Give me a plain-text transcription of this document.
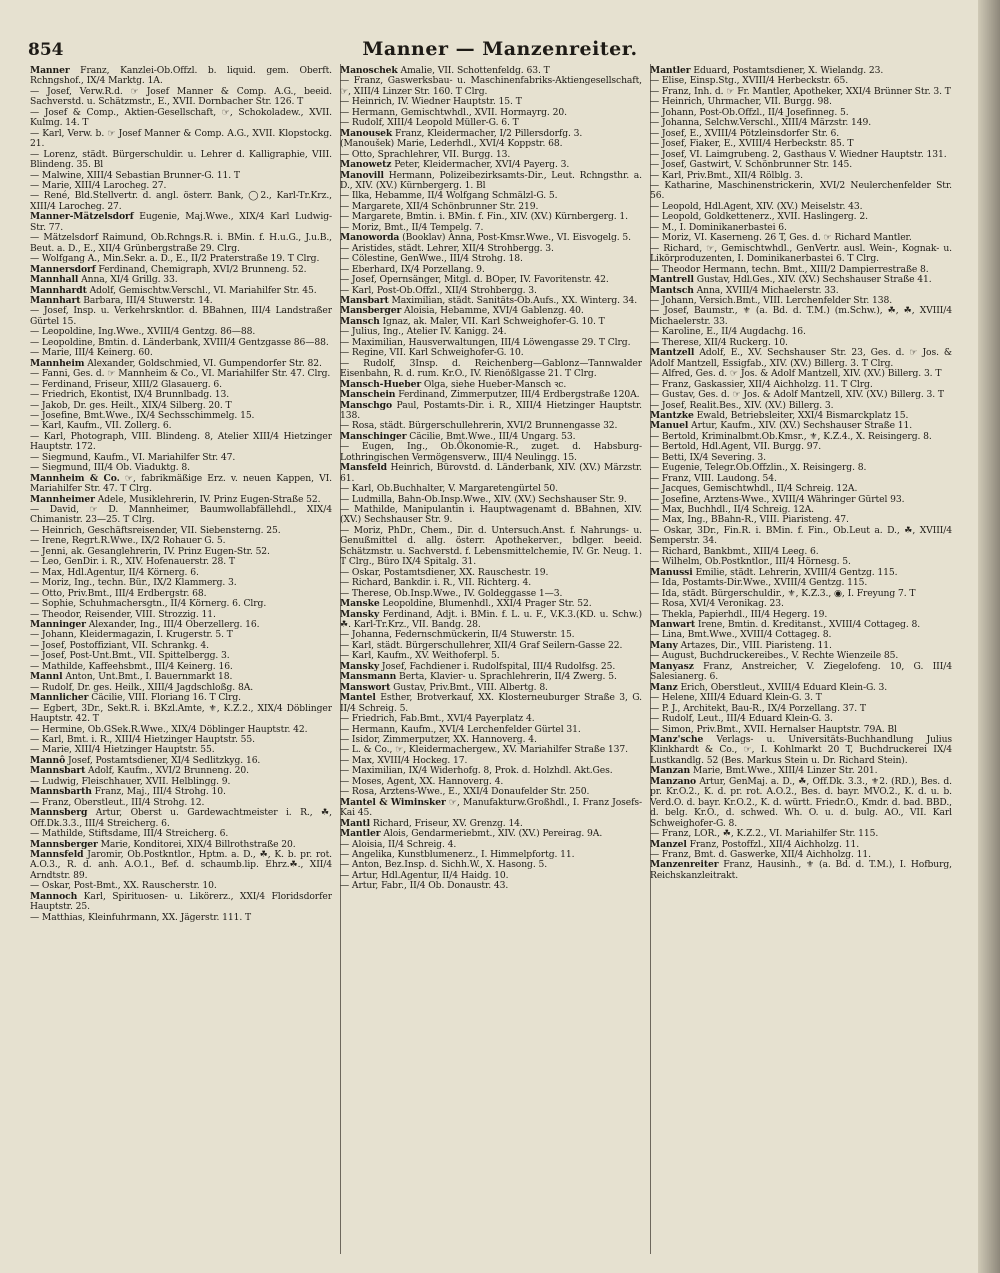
854	Manner — Manzenreiter.

Manner Franz, Kanzlei-Ob.Offzl. b. liquid. gem. Oberft. Rchngshof., IX/4 Marktg. 1A.

— Josef, Verw.R.d. ☞ Josef Manner & Comp. A.G., beeid. Sachverstd. u. Schätzmstr., E., XVII. Dornbacher Str. 126. T

— Josef & Comp., Aktien-Gesellschaft, ☞, Schokoladew., XVII. Kulmg. 14. T

— Karl, Verw. b. ☞ Josef Manner & Comp. A.G., XVII. Klopstockg. 21.

— Lorenz, städt. Bürgerschuldir. u. Lehrer d. Kalligraphie, VIII. Blindeng. 35. Bl

— Malwine, XIII/4 Sebastian Brunner-G. 11. T

— Marie, XIII/4 Larocheg. 27.

— René, Bld.Stellvertr. d. angl. österr. Bank, ◯2., Karl-Tr.Krz., XIII/4 Larocheg. 27.

Manner-Mätzelsdorf Eugenie, Maj.Wwe., XIX/4 Karl Ludwig-Str. 77.

— Mätzelsdorf Raimund, Ob.Rchngs.R. i. BMin. f. H.u.G., J.u.B., Beut. a. D., E., XII/4 Grünbergstraße 29. Clrg.

— Wolfgang A., Min.Sekr. a. D., E., II/2 Praterstraße 19. T Clrg.

Mannersdorf Ferdinand, Chemigraph, XVI/2 Brunneng. 52.

Mannhall Anna, XI/4 Grillg. 33.

Mannhardt Adolf, Gemischtw.Verschl., VI. Mariahilfer Str. 45.

Mannhart Barbara, III/4 Stuwerstr. 14.

— Josef, Insp. u. Verkehrskntlor. d. BBahnen, III/4 Landstraßer Gürtel 15.

— Leopoldine, Ing.Wwe., XVIII/4 Gentzg. 86—88.

— Leopoldine, Bmtin. d. Länderbank, XVIII/4 Gentzgasse 86—88.

— Marie, III/4 Keinerg. 60.

Mannheim Alexander, Goldschmied, VI. Gumpendorfer Str. 82.

— Fanni, Ges. d. ☞ Mannheim & Co., VI. Mariahilfer Str. 47. Clrg.

— Ferdinand, Friseur, XIII/2 Glasauerg. 6.

— Friedrich, Ekontist, IX/4 Brunnlbadg. 13.

— Jakob, Dr. ges. Heilt., XIX/4 Silberg. 20. T

— Josefine, Bmt.Wwe., IX/4 Sechsschimmelg. 15.

— Karl, Kaufm., VII. Zollerg. 6.

— Karl, Photograph, VIII. Blindeng. 8, Atelier XIII/4 Hietzinger Hauptstr. 172.

— Siegmund, Kaufm., VI. Mariahilfer Str. 47.

— Siegmund, III/4 Ob. Viaduktg. 8.

Mannheim & Co. ☞, fabrikmäßige Erz. v. neuen Kappen, VI. Mariahilfer Str. 47. T Clrg.

Mannheimer Adele, Musiklehrerin, IV. Prinz Eugen-Straße 52.

— David, ☞ D. Mannheimer, Baumwollabfällehdl., XIX/4 Chimanistr. 23—25. T Clrg.

— Heinrich, Geschäftsreisender, VII. Siebensterng. 25.

— Irene, Regrt.R.Wwe., IX/2 Rohauer G. 5.

— Jenni, ak. Gesanglehrerin, IV. Prinz Eugen-Str. 52.

— Leo, GenDir. i. R., XIV. Hofenauerstr. 28. T

— Max, Hdl.Agentur, II/4 Körnerg. 6.

— Moriz, Ing., techn. Bür., IX/2 Klammerg. 3.

— Otto, Priv.Bmt., III/4 Erdbergstr. 68.

— Sophie, Schuhmachersgtn., II/4 Körnerg. 6. Clrg.

— Theodor, Reisender, VIII. Strozzig. 11.

Manninger Alexander, Ing., III/4 Oberzellerg. 16.

— Johann, Kleidermagazin, I. Krugerstr. 5. T

— Josef, Postoffiziant, VII. Schrankg. 4.

— Josef, Post-Unt.Bmt., VII. Spittelbergg. 3.

— Mathilde, Kaffeehsbmt., III/4 Keinerg. 16.

Mannl Anton, Unt.Bmt., I. Bauernmarkt 18.

— Rudolf, Dr. ges. Heilk., XIII/4 Jagdschloßg. 8A.

Mannlicher Cäcilie, VIII. Floriang 16. T Clrg.

— Egbert, 3Dr., Sekt.R. i. BKzl.Amte, ⚜, K.Z.2., XIX/4 Döblinger Hauptstr. 42. T

— Hermine, Ob.GSek.R.Wwe., XIX/4 Döblinger Hauptstr. 42.

— Karl, Bmt. i. R., XIII/4 Hietzinger Hauptstr. 55.

— Marie, XIII/4 Hietzinger Hauptstr. 55.

Mannô Josef, Postamtsdiener, XI/4 Sedlitzkyg. 16.

Mannsbart Adolf, Kaufm., XVI/2 Brunneng. 20.

— Ludwig, Fleischhauer, XVII. Helblingg. 9.

Mannsbarth Franz, Maj., III/4 Strohg. 10.

— Franz, Oberstleut., III/4 Strohg. 12.

Mannsberg Artur, Oberst u. Gardewachtmeister i. R., ☘, Off.Dk.3.3., III/4 Streicherg. 6.

— Mathilde, Stiftsdame, III/4 Streicherg. 6.

Mannsberger Marie, Konditorei, XIX/4 Billrothstraße 20.

Mannsfeld Jaromir, Ob.Postkntlor., Hptm. a. D., ☘, K. b. pr. rot. A.O.3., R. d. anh. A.O.1., Bef. d. schaumb.lip. Ehrz.☘., XII/4 Arndtstr. 89.

— Oskar, Post-Bmt., XX. Rauscherstr. 10.

Mannoch Karl, Spirituosen- u. Likörerz., XXI/4 Floridsdorfer Hauptstr. 25.

— Matthias, Kleinfuhrmann, XX. Jägerstr. 111. T

Manoschek Amalie, VII. Schottenfeldg. 63. T

— Franz, Gaswerksbau- u. Maschinenfabriks-Aktiengesellschaft, ☞, XIII/4 Linzer Str. 160. T Clrg.

— Heinrich, IV. Wiedner Hauptstr. 15. T

— Hermann, Gemischtwhdl., XVII. Hormayrg. 20.

— Rudolf, XIII/4 Leopold Müller-G. 6. T

Manousek Franz, Kleidermacher, I/2 Pillersdorfg. 3.

(Manoušek) Marie, Lederhdl., XVI/4 Koppstr. 68.

— Otto, Sprachlehrer, VII. Burgg. 13.

Manowetz Peter, Kleidermacher, XVI/4 Payerg. 3.

Manovill Hermann, Polizeibezirksamts-Dir., Leut. Rchngsthr. a. D., XIV. (XV.) Kürnbergerg. 1. Bl

— Ilka, Hebamme, II/4 Wolfgang Schmälzl-G. 5.

— Margarete, XII/4 Schönbrunner Str. 219.

— Margarete, Bmtin. i. BMin. f. Fin., XIV. (XV.) Kürnbergerg. 1.

— Moriz, Bmt., II/4 Tempelg. 7.

Manoworda (Booklav) Anna, Post-Kmsr.Wwe., VI. Eisvogelg. 5.

— Aristides, städt. Lehrer, XII/4 Strohbergg. 3.

— Cölestine, GenWwe., III/4 Strohg. 18.

— Eberhard, IX/4 Porzellang. 9.

— Josef, Opernsänger, Mitgl. d. BOper, IV. Favoritenstr. 42.

— Karl, Post-Ob.Offzl., XII/4 Strohbergg. 3.

Mansbart Maximilian, städt. Sanitäts-Ob.Aufs., XX. Winterg. 34.

Mansberger Aloisia, Hebamme, XVI/4 Gablenzg. 40.

Mansch Ignaz, ak. Maler, VII. Karl Schweighofer-G. 10. T

— Julius, Ing., Atelier IV. Kanigg. 24.

— Maximilian, Hausverwaltungen, III/4 Löwengasse 29. T Clrg.

— Regine, VII. Karl Schweighofer-G. 10.

— Rudolf, 3Insp. d. Reichenberg—Gablonz—Tannwalder Eisenbahn, R. d. rum. Kr.O., IV. Rienößlgasse 21. T Clrg.

Mansch-Hueber Olga, siehe Hueber-Mansch ꝛc.

Manschein Ferdinand, Zimmerputzer, III/4 Erdbergstraße 120A.

Manschgo Paul, Postamts-Dir. i. R., XIII/4 Hietzinger Hauptstr. 138.

— Rosa, städt. Bürgerschullehrerin, XVI/2 Brunnengasse 32.

Manschinger Cäcilie, Bmt.Wwe., III/4 Ungarg. 53.

— Eugen, Ing., Ob.Ökonomie-R., zuget. d. Habsburg-Lothringischen Vermögensverw., III/4 Neulingg. 15.

Mansfeld Heinrich, Bürovstd. d. Länderbank, XIV. (XV.) Märzstr. 61.

— Karl, Ob.Buchhalter, V. Margaretengürtel 50.

— Ludmilla, Bahn-Ob.Insp.Wwe., XIV. (XV.) Sechshauser Str. 9.

— Mathilde, Manipulantin i. Hauptwagenamt d. BBahnen, XIV. (XV.) Sechshauser Str. 9.

— Moriz, PhDr., Chem., Dir. d. Untersuch.Anst. f. Nahrungs- u. Genußmittel d. allg. österr. Apothekerver., bdlger. beeid. Schätzmstr. u. Sachverstd. f. Lebensmittelchemie, IV. Gr. Neug. 1. T Clrg., Büro IX/4 Spitalg. 31.

— Oskar, Postamtsdiener, XX. Rauschestr. 19.

— Richard, Bankdir. i. R., VII. Richterg. 4.

— Therese, Ob.Insp.Wwe., IV. Goldeggasse 1—3.

Manske Leopoldine, Blumenhdl., XXI/4 Prager Str. 52.

Mansky Ferdinand, Adjt. i. BMin. f. L. u. F., V.K.3.(KD. u. Schw.) ☘. Karl-Tr.Krz., VII. Bandg. 28.

— Johanna, Federnschmückerin, II/4 Stuwerstr. 15.

— Karl, städt. Bürgerschullehrer, XII/4 Graf Seilern-Gasse 22.

— Karl, Kaufm., XV. Weithoferpl. 5.

Mansky Josef, Fachdiener i. Rudolfspital, III/4 Rudolfsg. 25.

Mansmann Berta, Klavier- u. Sprachlehrerin, II/4 Zwerg. 5.

Manswort Gustav, Priv.Bmt., VIII. Albertg. 8.

Mantel Esther, Brotverkauf, XX. Klosterneuburger Straße 3, G. II/4 Schreig. 5.

— Friedrich, Fab.Bmt., XVI/4 Payerplatz 4.

— Hermann, Kaufm., XVI/4 Lerchenfelder Gürtel 31.

— Isidor, Zimmerputzer, XX. Hannoverg. 4.

— L. & Co., ☞, Kleidermachergew., XV. Mariahilfer Straße 137.

— Max, XVIII/4 Hockeg. 17.

— Maximilian, IX/4 Widerhofg. 8, Prok. d. Holzhdl. Akt.Ges.

— Moses, Agent, XX. Hannoverg. 4.

— Rosa, Arztens-Wwe., E., XXI/4 Donaufelder Str. 250.

Mantel & Wiminsker ☞, Manufakturw.Großhdl., I. Franz Josefs-Kai 45.

Mantl Richard, Friseur, XV. Grenzg. 14.

Mantler Alois, Gendarmeriebmt., XIV. (XV.) Pereirag. 9A.

— Aloisia, II/4 Schreig. 4.

— Angelika, Kunstblumenerz., I. Himmelpfortg. 11.

— Anton, Bez.Insp. d. Sichh.W., X. Hasong. 5.

— Artur, Hdl.Agentur, II/4 Haidg. 10.

— Artur, Fabr., II/4 Ob. Donaustr. 43.

Mantler Eduard, Postamtsdiener, X. Wielandg. 23.

— Elise, Einsp.Stg., XVIII/4 Herbeckstr. 65.

— Franz, Inh. d. ☞ Fr. Mantler, Apotheker, XXI/4 Brünner Str. 3. T

— Heinrich, Uhrmacher, VII. Burgg. 98.

— Johann, Post-Ob.Offzl., II/4 Josefinneg. 5.

— Johanna, Selchw.Verschl., XIII/4 Märzstr. 149.

— Josef, E., XVIII/4 Pötzleinsdorfer Str. 6.

— Josef, Fiaker, E., XVIII/4 Herbeckstr. 85. T

— Josef, VI. Laimgrubeng. 2, Gasthaus V. Wiedner Hauptstr. 131.

— Josef, Gastwirt, V. Schönbrunner Str. 145.

— Karl, Priv.Bmt., XII/4 Rölblg. 3.

— Katharine, Maschinenstrickerin, XVI/2 Neulerchenfelder Str. 56.

— Leopold, Hdl.Agent, XIV. (XV.) Meiselstr. 43.

— Leopold, Goldkettenerz., XVII. Haslingerg. 2.

— M., I. Dominikanerbastei 6.

— Moriz, VI. Kaserneng. 26 T, Ges. d. ☞ Richard Mantler.

— Richard, ☞, Gemischtwhdl., GenVertr. ausl. Wein-, Kognak- u. Likörproduzenten, I. Dominikanerbastei 6. T Clrg.

— Theodor Hermann, techn. Bmt., XIII/2 Dampierrestraße 8.

Mantrell Gustav, Hdl.Ges., XIV. (XV.) Sechshauser Straße 41.

Mantsch Anna, XVIII/4 Michaelerstr. 33.

— Johann, Versich.Bmt., VIII. Lerchenfelder Str. 138.

— Josef, Baumstr., ⚜ (a. Bd. d. T.M.) (m.Schw.), ☘, ☘, XVIII/4 Michaelerstr. 33.

— Karoline, E., II/4 Augdachg. 16.

— Therese, XII/4 Ruckerg. 10.

Mantzell Adolf, E., XV. Sechshauser Str. 23, Ges. d. ☞ Jos. & Adolf Mantzell, Essigfab., XIV. (XV.) Billerg. 3. T Clrg.

— Alfred, Ges. d. ☞ Jos. & Adolf Mantzell, XIV. (XV.) Billerg. 3. T

— Franz, Gaskassier, XII/4 Aichholzg. 11. T Clrg.

— Gustav, Ges. d. ☞ Jos. & Adolf Mantzell, XIV. (XV.) Billerg. 3. T

— Josef, Realit.Bes., XIV. (XV.) Billerg. 3.

Mantzke Ewald, Betriebsleiter, XXI/4 Bismarckplatz 15.

Manuel Artur, Kaufm., XIV. (XV.) Sechshauser Straße 11.

— Bertold, Kriminalbmt.Ob.Kmsr., ⚜, K.Z.4., X. Reisingerg. 8.

— Bertold, Hdl.Agent, VII. Burgg. 97.

— Betti, IX/4 Severing. 3.

— Eugenie, Telegr.Ob.Offzlin., X. Reisingerg. 8.

— Franz, VIII. Laudong. 54.

— Jacques, Gemischtwhdl., II/4 Schreig. 12A.

— Josefine, Arztens-Wwe., XVIII/4 Währinger Gürtel 93.

— Max, Buchhdl., II/4 Schreig. 12A.

— Max, Ing., BBahn-R., VIII. Piaristeng. 47.

— Oskar, 3Dr., Fin.R. i. BMin. f. Fin., Ob.Leut a. D., ☘, XVIII/4 Semperstr. 34.

— Richard, Bankbmt., XIII/4 Leeg. 6.

— Wilhelm, Ob.Postkntlor., III/4 Hörnesg. 5.

Manussi Emilie, städt. Lehrerin, XVIII/4 Gentzg. 115.

— Ida, Postamts-Dir.Wwe., XVIII/4 Gentzg. 115.

— Ida, städt. Bürgerschuldir., ⚜, K.Z.3., ◉, I. Freyung 7. T

— Rosa, XVI/4 Veronikag. 23.

— Thekla, Papierhdl., III/4 Hegerg. 19.

Manwart Irene, Bmtin. d. Kreditanst., XVIII/4 Cottageg. 8.

— Lina, Bmt.Wwe., XVIII/4 Cottageg. 8.

Many Artazes, Dir., VIII. Piaristeng. 11.

— August, Buchdruckereibes., V. Rechte Wienzeile 85.

Manyasz Franz, Anstreicher, V. Ziegelofeng. 10, G. III/4 Salesianerg. 6.

Manz Erich, Oberstleut., XVIII/4 Eduard Klein-G. 3.

— Helene, XIII/4 Eduard Klein-G. 3. T

— P. J., Architekt, Bau-R., IX/4 Porzellang. 37. T

— Rudolf, Leut., III/4 Eduard Klein-G. 3.

— Simon, Priv.Bmt., XVII. Hernalser Hauptstr. 79A. Bl

Manz'sche Verlags- u. Universitäts-Buchhandlung Julius Klinkhardt & Co., ☞, I. Kohlmarkt 20 T, Buchdruckerei IX/4 Lustkandlg. 52 (Bes. Markus Stein u. Dr. Richard Stein).

Manzan Marie, Bmt.Wwe., XIII/4 Linzer Str. 201.

Manzano Artur, GenMaj. a. D., ☘, Off.Dk. 3.3., ⚜2. (RD.), Bes. d. pr. Kr.O.2., K. d. pr. rot. A.O.2., Bes. d. bayr. MVO.2., K. d. u. b. Verd.O. d. bayr. Kr.O.2., K. d. württ. Friedr.O., Kmdr. d. bad. BBD., d. belg. Kr.O., d. schwed. Wh. O. u. d. bulg. AO., VII. Karl Schweighofer-G. 8.

— Franz, LOR., ☘, K.Z.2., VI. Mariahilfer Str. 115.

Manzel Franz, Postoffzl., XII/4 Aichholzg. 11.

— Franz, Bmt. d. Gaswerke, XII/4 Aichholzg. 11.

Manzenreiter Franz, Hausinh., ⚜ (a. Bd. d. T.M.), I. Hofburg, Reichskanzleitrakt.
